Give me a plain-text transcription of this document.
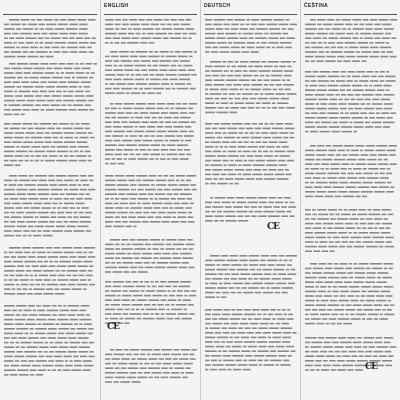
ENGLISH
CE
DEUTSCH
CE
ČEŠTINA
CE
